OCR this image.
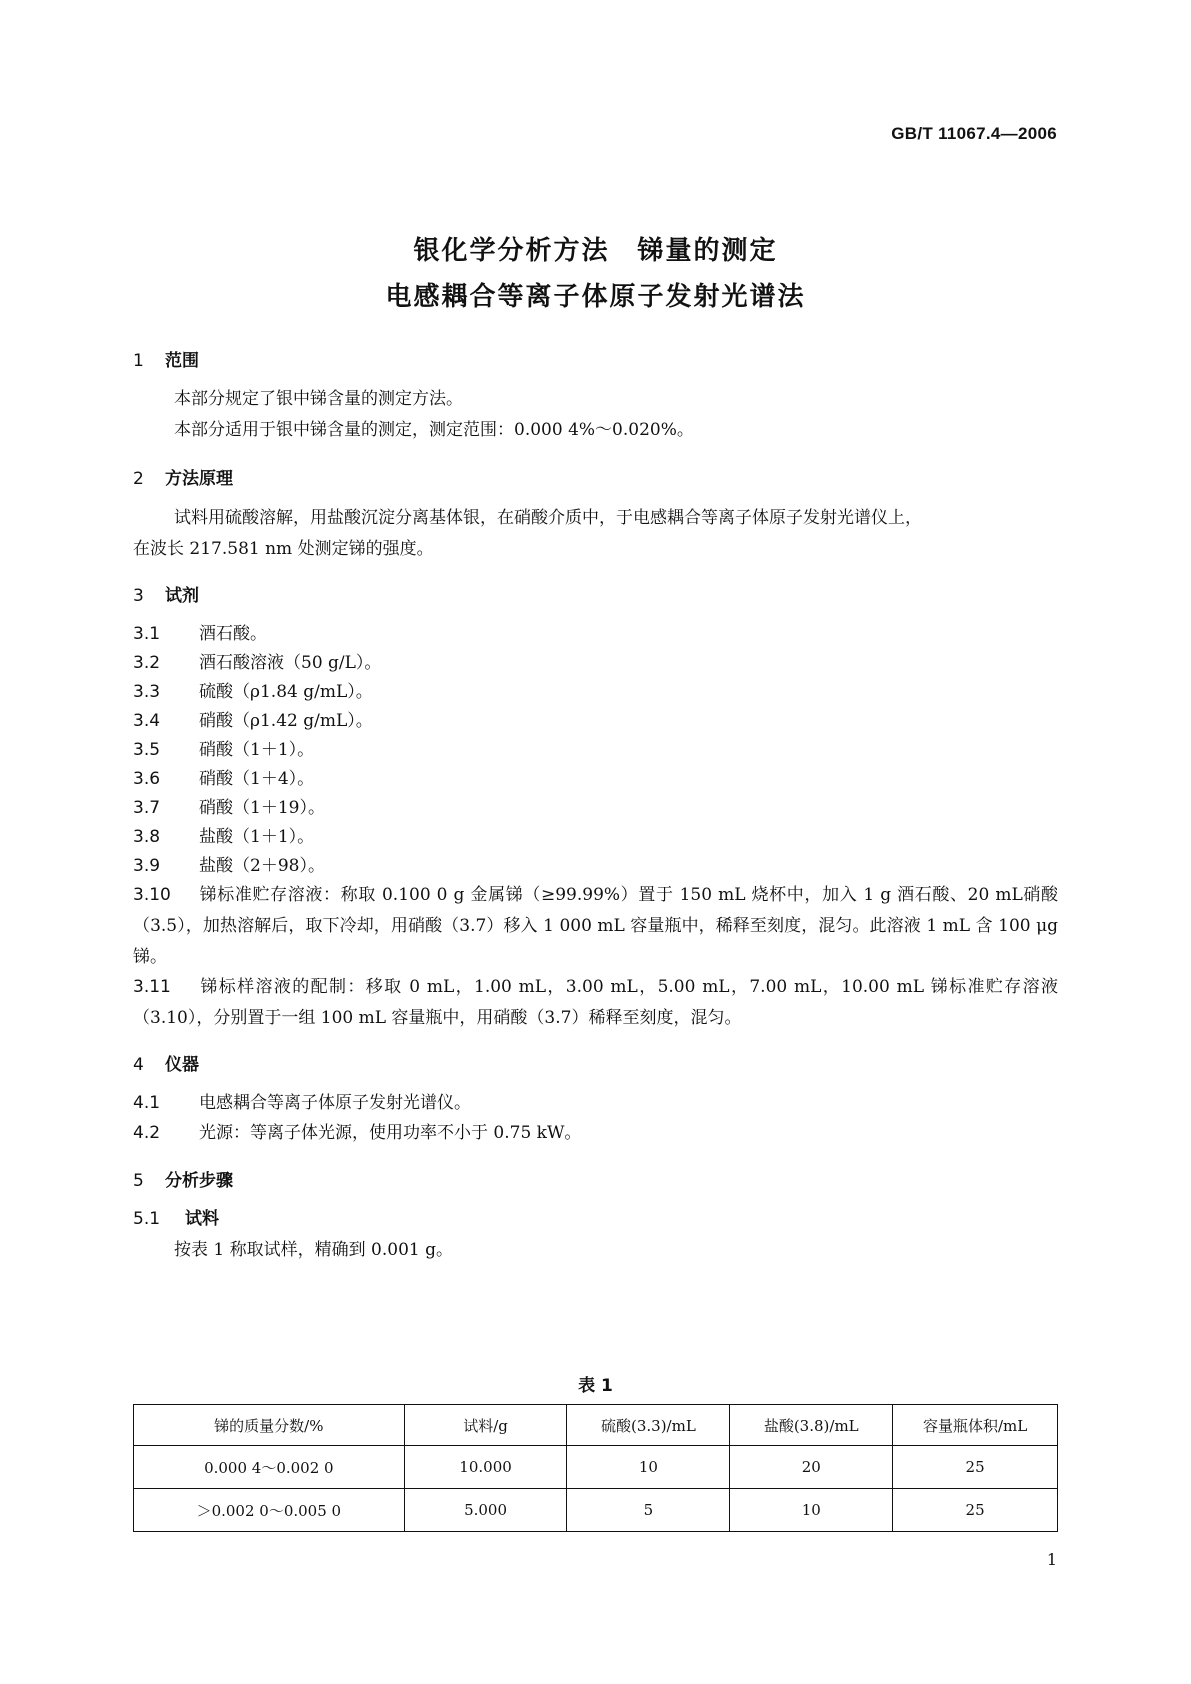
GB/T 11067.4—2006
银化学分析方法　锑量的测定
电感耦合等离子体原子发射光谱法
1 范围
本部分规定了银中锑含量的测定方法。
本部分适用于银中锑含量的测定，测定范围：0.000 4%～0.020%。
2 方法原理
试料用硫酸溶解，用盐酸沉淀分离基体银，在硝酸介质中，于电感耦合等离子体原子发射光谱仪上，
在波长 217.581 nm 处测定锑的强度。
3 试剂
3.1 酒石酸。
3.2 酒石酸溶液（50 g/L）。
3.3 硫酸（ρ1.84 g/mL）。
3.4 硝酸（ρ1.42 g/mL）。
3.5 硝酸（1＋1）。
3.6 硝酸（1＋4）。
3.7 硝酸（1＋19）。
3.8 盐酸（1＋1）。
3.9 盐酸（2＋98）。
3.10 锑标准贮存溶液：称取 0.100 0 g 金属锑（≥99.99%）置于 150 mL 烧杯中，加入 1 g 酒石酸、20 mL硝酸（3.5），加热溶解后，取下冷却，用硝酸（3.7）移入 1 000 mL 容量瓶中，稀释至刻度，混匀。此溶液 1 mL 含 100 μg 锑。
3.11 锑标样溶液的配制：移取 0 mL，1.00 mL，3.00 mL，5.00 mL，7.00 mL，10.00 mL 锑标准贮存溶液（3.10），分别置于一组 100 mL 容量瓶中，用硝酸（3.7）稀释至刻度，混匀。
4 仪器
4.1 电感耦合等离子体原子发射光谱仪。
4.2 光源：等离子体光源，使用功率不小于 0.75 kW。
5 分析步骤
5.1 试料
按表 1 称取试样，精确到 0.001 g。
表 1
锑的质量分数/%	试料/g	硫酸(3.3)/mL	盐酸(3.8)/mL	容量瓶体积/mL
0.000 4～0.002 0	10.000	10	20	25
＞0.002 0～0.005 0	5.000	5	10	25
1
